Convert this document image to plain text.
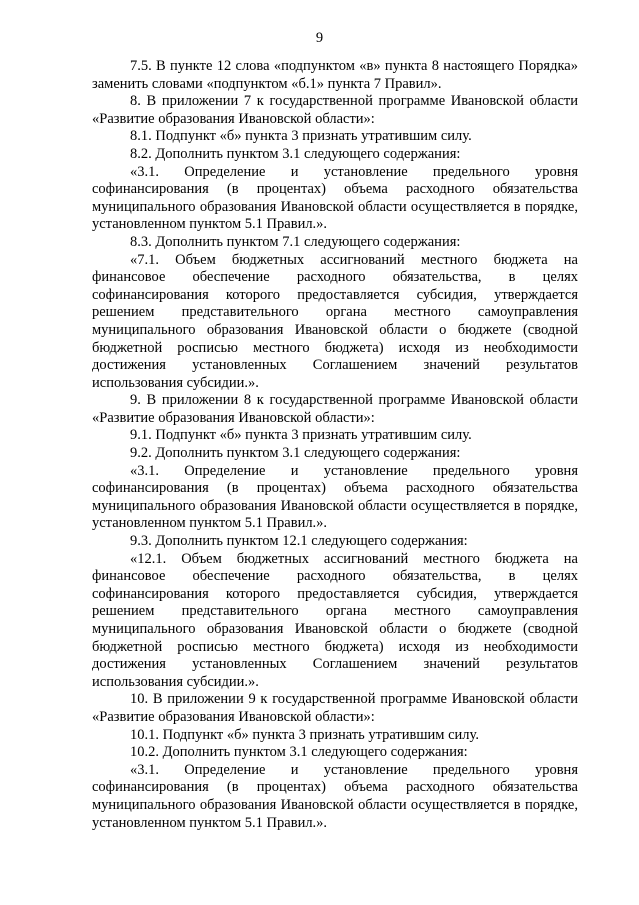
9

7.5. В пункте 12 слова «подпунктом «в» пункта 8 настоящего Порядка» заменить словами «подпунктом «б.1» пункта 7 Правил».

8. В приложении 7 к государственной программе Ивановской области «Развитие образования Ивановской области»:

8.1. Подпункт «б» пункта 3 признать утратившим силу.

8.2. Дополнить пунктом 3.1 следующего содержания:

«3.1. Определение и установление предельного уровня софинансирования (в процентах) объема расходного обязательства муниципального образования Ивановской области осуществляется в порядке, установленном пунктом 5.1 Правил.».

8.3. Дополнить пунктом 7.1 следующего содержания:

«7.1. Объем бюджетных ассигнований местного бюджета на финансовое обеспечение расходного обязательства, в целях софинансирования которого предоставляется субсидия, утверждается решением представительного органа местного самоуправления муниципального образования Ивановской области о бюджете (сводной бюджетной росписью местного бюджета) исходя из необходимости достижения установленных Соглашением значений результатов использования субсидии.».

9. В приложении 8 к государственной программе Ивановской области «Развитие образования Ивановской области»:

9.1. Подпункт «б» пункта 3 признать утратившим силу.

9.2. Дополнить пунктом 3.1 следующего содержания:

«3.1. Определение и установление предельного уровня софинансирования (в процентах) объема расходного обязательства муниципального образования Ивановской области осуществляется в порядке, установленном пунктом 5.1 Правил.».

9.3. Дополнить пунктом 12.1 следующего содержания:

«12.1. Объем бюджетных ассигнований местного бюджета на финансовое обеспечение расходного обязательства, в целях софинансирования которого предоставляется субсидия, утверждается решением представительного органа местного самоуправления муниципального образования Ивановской области о бюджете (сводной бюджетной росписью местного бюджета) исходя из необходимости достижения установленных Соглашением значений результатов использования субсидии.».

10. В приложении 9 к государственной программе Ивановской области «Развитие образования Ивановской области»:

10.1. Подпункт «б» пункта 3 признать утратившим силу.

10.2. Дополнить пунктом 3.1 следующего содержания:

«3.1. Определение и установление предельного уровня софинансирования (в процентах) объема расходного обязательства муниципального образования Ивановской области осуществляется в порядке, установленном пунктом 5.1 Правил.».
